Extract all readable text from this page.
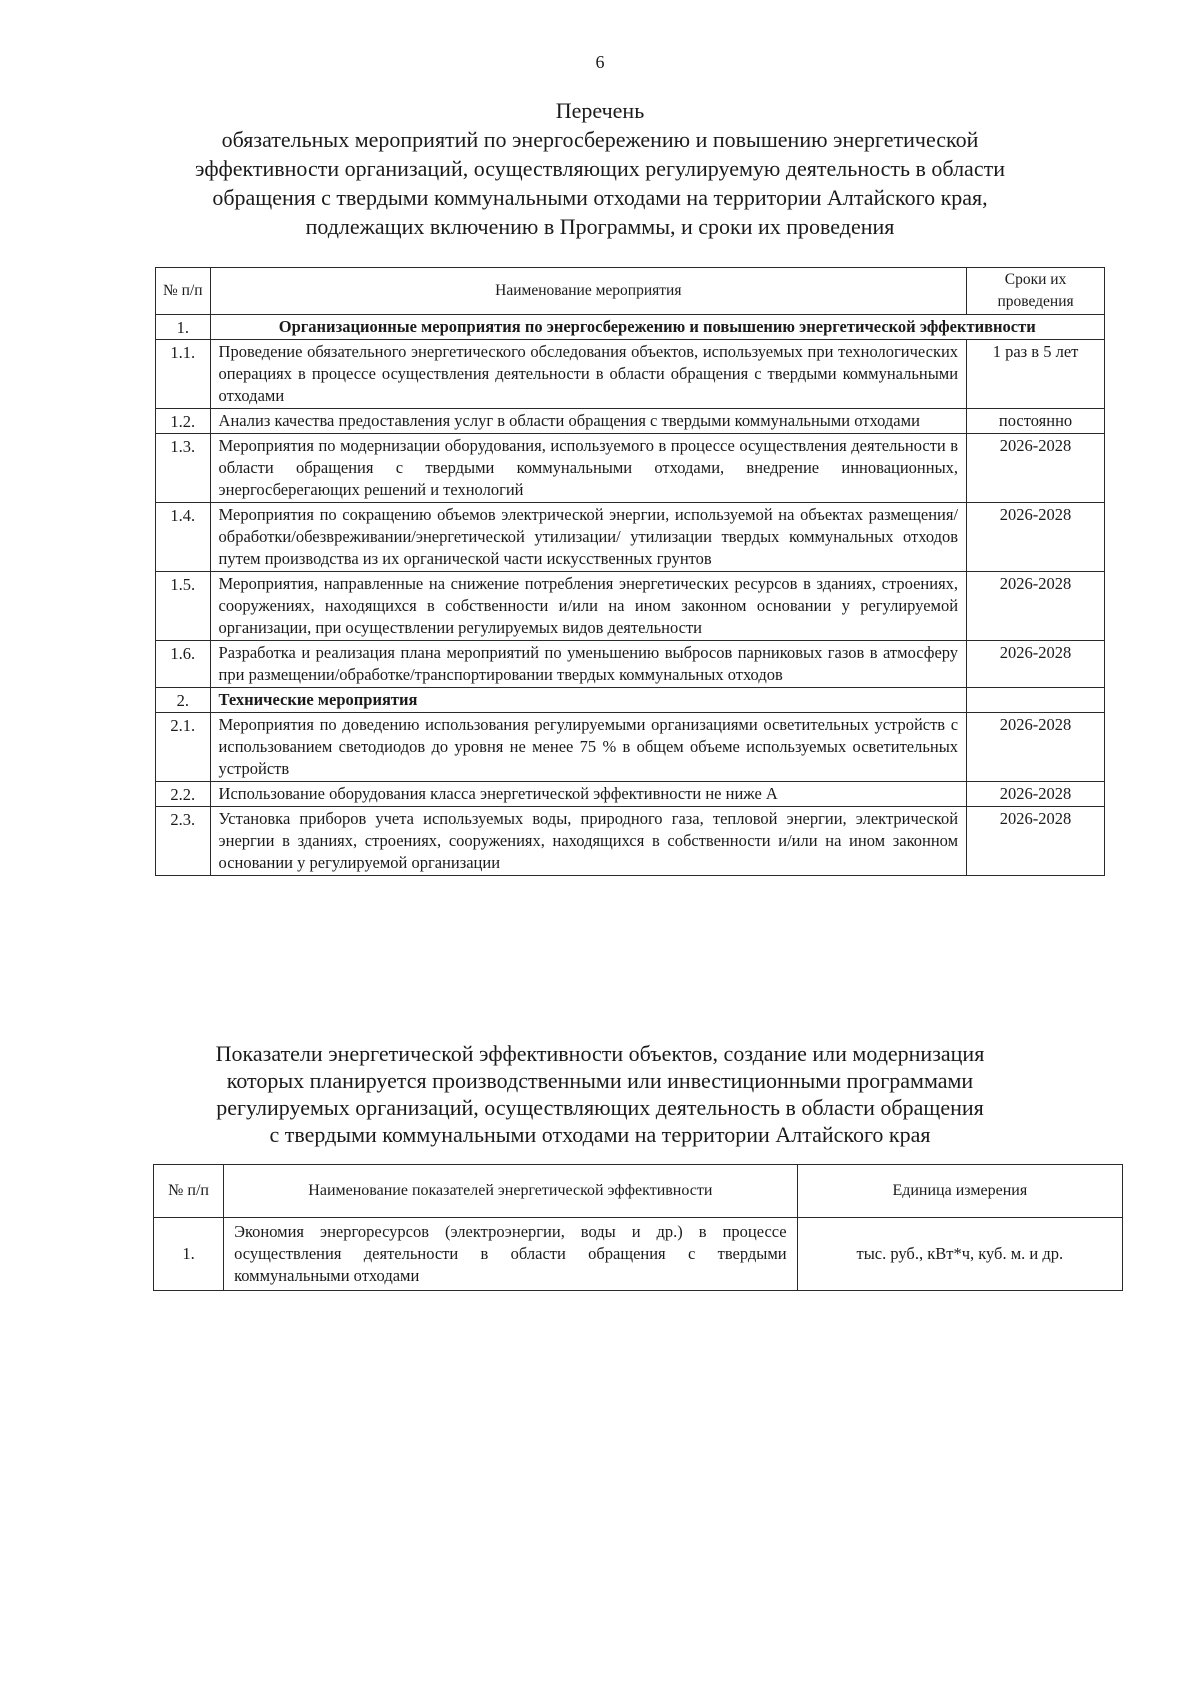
6
Перечень
обязательных мероприятий по энергосбережению и повышению энергетической
эффективности организаций, осуществляющих регулируемую деятельность в области
обращения с твердыми коммунальными отходами на территории Алтайского края,
подлежащих включению в Программы, и сроки их проведения
№ п/п	Наименование мероприятия	Сроки их проведения
1.	Организационные мероприятия по энергосбережению и повышению энергетической эффективности	
1.1.	Проведение обязательного энергетического обследования объектов, используемых при технологических операциях в процессе осуществления деятельности в области обращения с твердыми коммунальными отходами	1 раз в 5 лет
1.2.	Анализ качества предоставления услуг в области обращения с твердыми коммунальными отходами	постоянно
1.3.	Мероприятия по модернизации оборудования, используемого в процессе осуществления деятельности в области обращения с твердыми коммунальными отходами, внедрение инновационных, энергосберегающих решений и технологий	2026-2028
1.4.	Мероприятия по сокращению объемов электрической энергии, используемой на объектах размещения/обработки/обезвреживании/энергетической утилизации/ утилизации твердых коммунальных отходов путем производства из их органической части искусственных грунтов	2026-2028
1.5.	Мероприятия, направленные на снижение потребления энергетических ресурсов в зданиях, строениях, сооружениях, находящихся в собственности и/или на ином законном основании у регулируемой организации, при осуществлении регулируемых видов деятельности	2026-2028
1.6.	Разработка и реализация плана мероприятий по уменьшению выбросов парниковых газов в атмосферу при размещении/обработке/транспортировании твердых коммунальных отходов	2026-2028
2.	Технические мероприятия	
2.1.	Мероприятия по доведению использования регулируемыми организациями осветительных устройств с использованием светодиодов до уровня не менее 75 % в общем объеме используемых осветительных устройств	2026-2028
2.2.	Использование оборудования класса энергетической эффективности не ниже А	2026-2028
2.3.	Установка приборов учета используемых воды, природного газа, тепловой энергии, электрической энергии в зданиях, строениях, сооружениях, находящихся в собственности и/или на ином законном основании у регулируемой организации	2026-2028
Показатели энергетической эффективности объектов, создание или модернизация
которых планируется производственными или инвестиционными программами
регулируемых организаций, осуществляющих деятельность в области обращения
с твердыми коммунальными отходами на территории Алтайского края
№ п/п	Наименование показателей энергетической эффективности	Единица измерения
1.	Экономия энергоресурсов (электроэнергии, воды и др.) в процессе осуществления деятельности в области обращения с твердыми коммунальными отходами	тыс. руб., кВт*ч, куб. м. и др.
